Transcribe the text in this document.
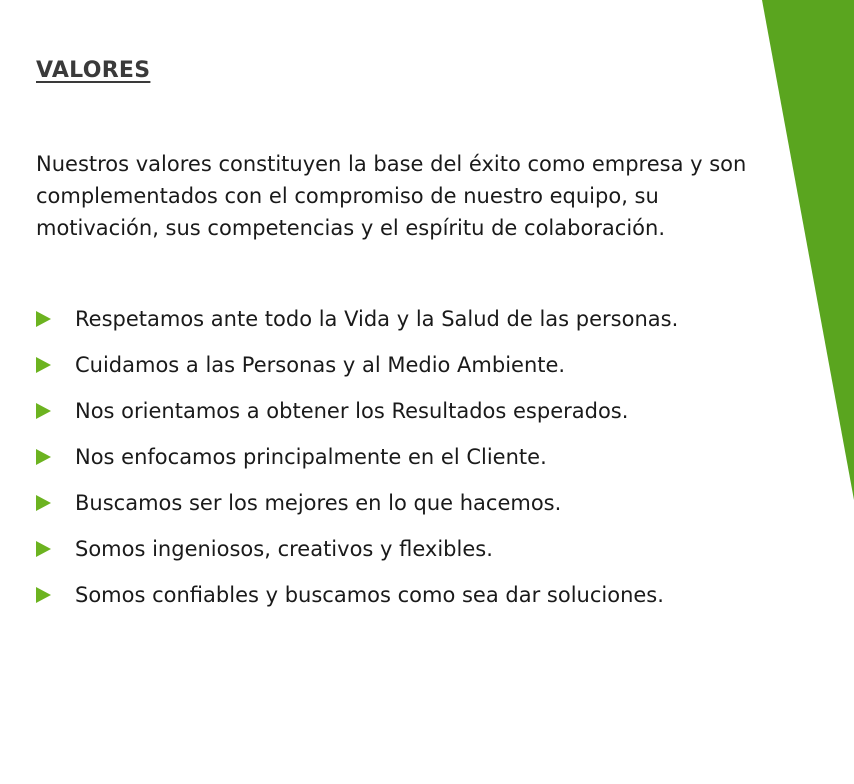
VALORES

Nuestros valores constituyen la base del éxito como empresa y son complementados con el compromiso de nuestro equipo, su motivación, sus competencias y el espíritu de colaboración.

Respetamos ante todo la Vida y la Salud de las personas.
Cuidamos a las Personas y al Medio Ambiente.
Nos orientamos a obtener los Resultados esperados.
Nos enfocamos principalmente en el Cliente.
Buscamos ser los mejores en lo que hacemos.
Somos ingeniosos, creativos y flexibles.
Somos confiables y buscamos como sea dar soluciones.
